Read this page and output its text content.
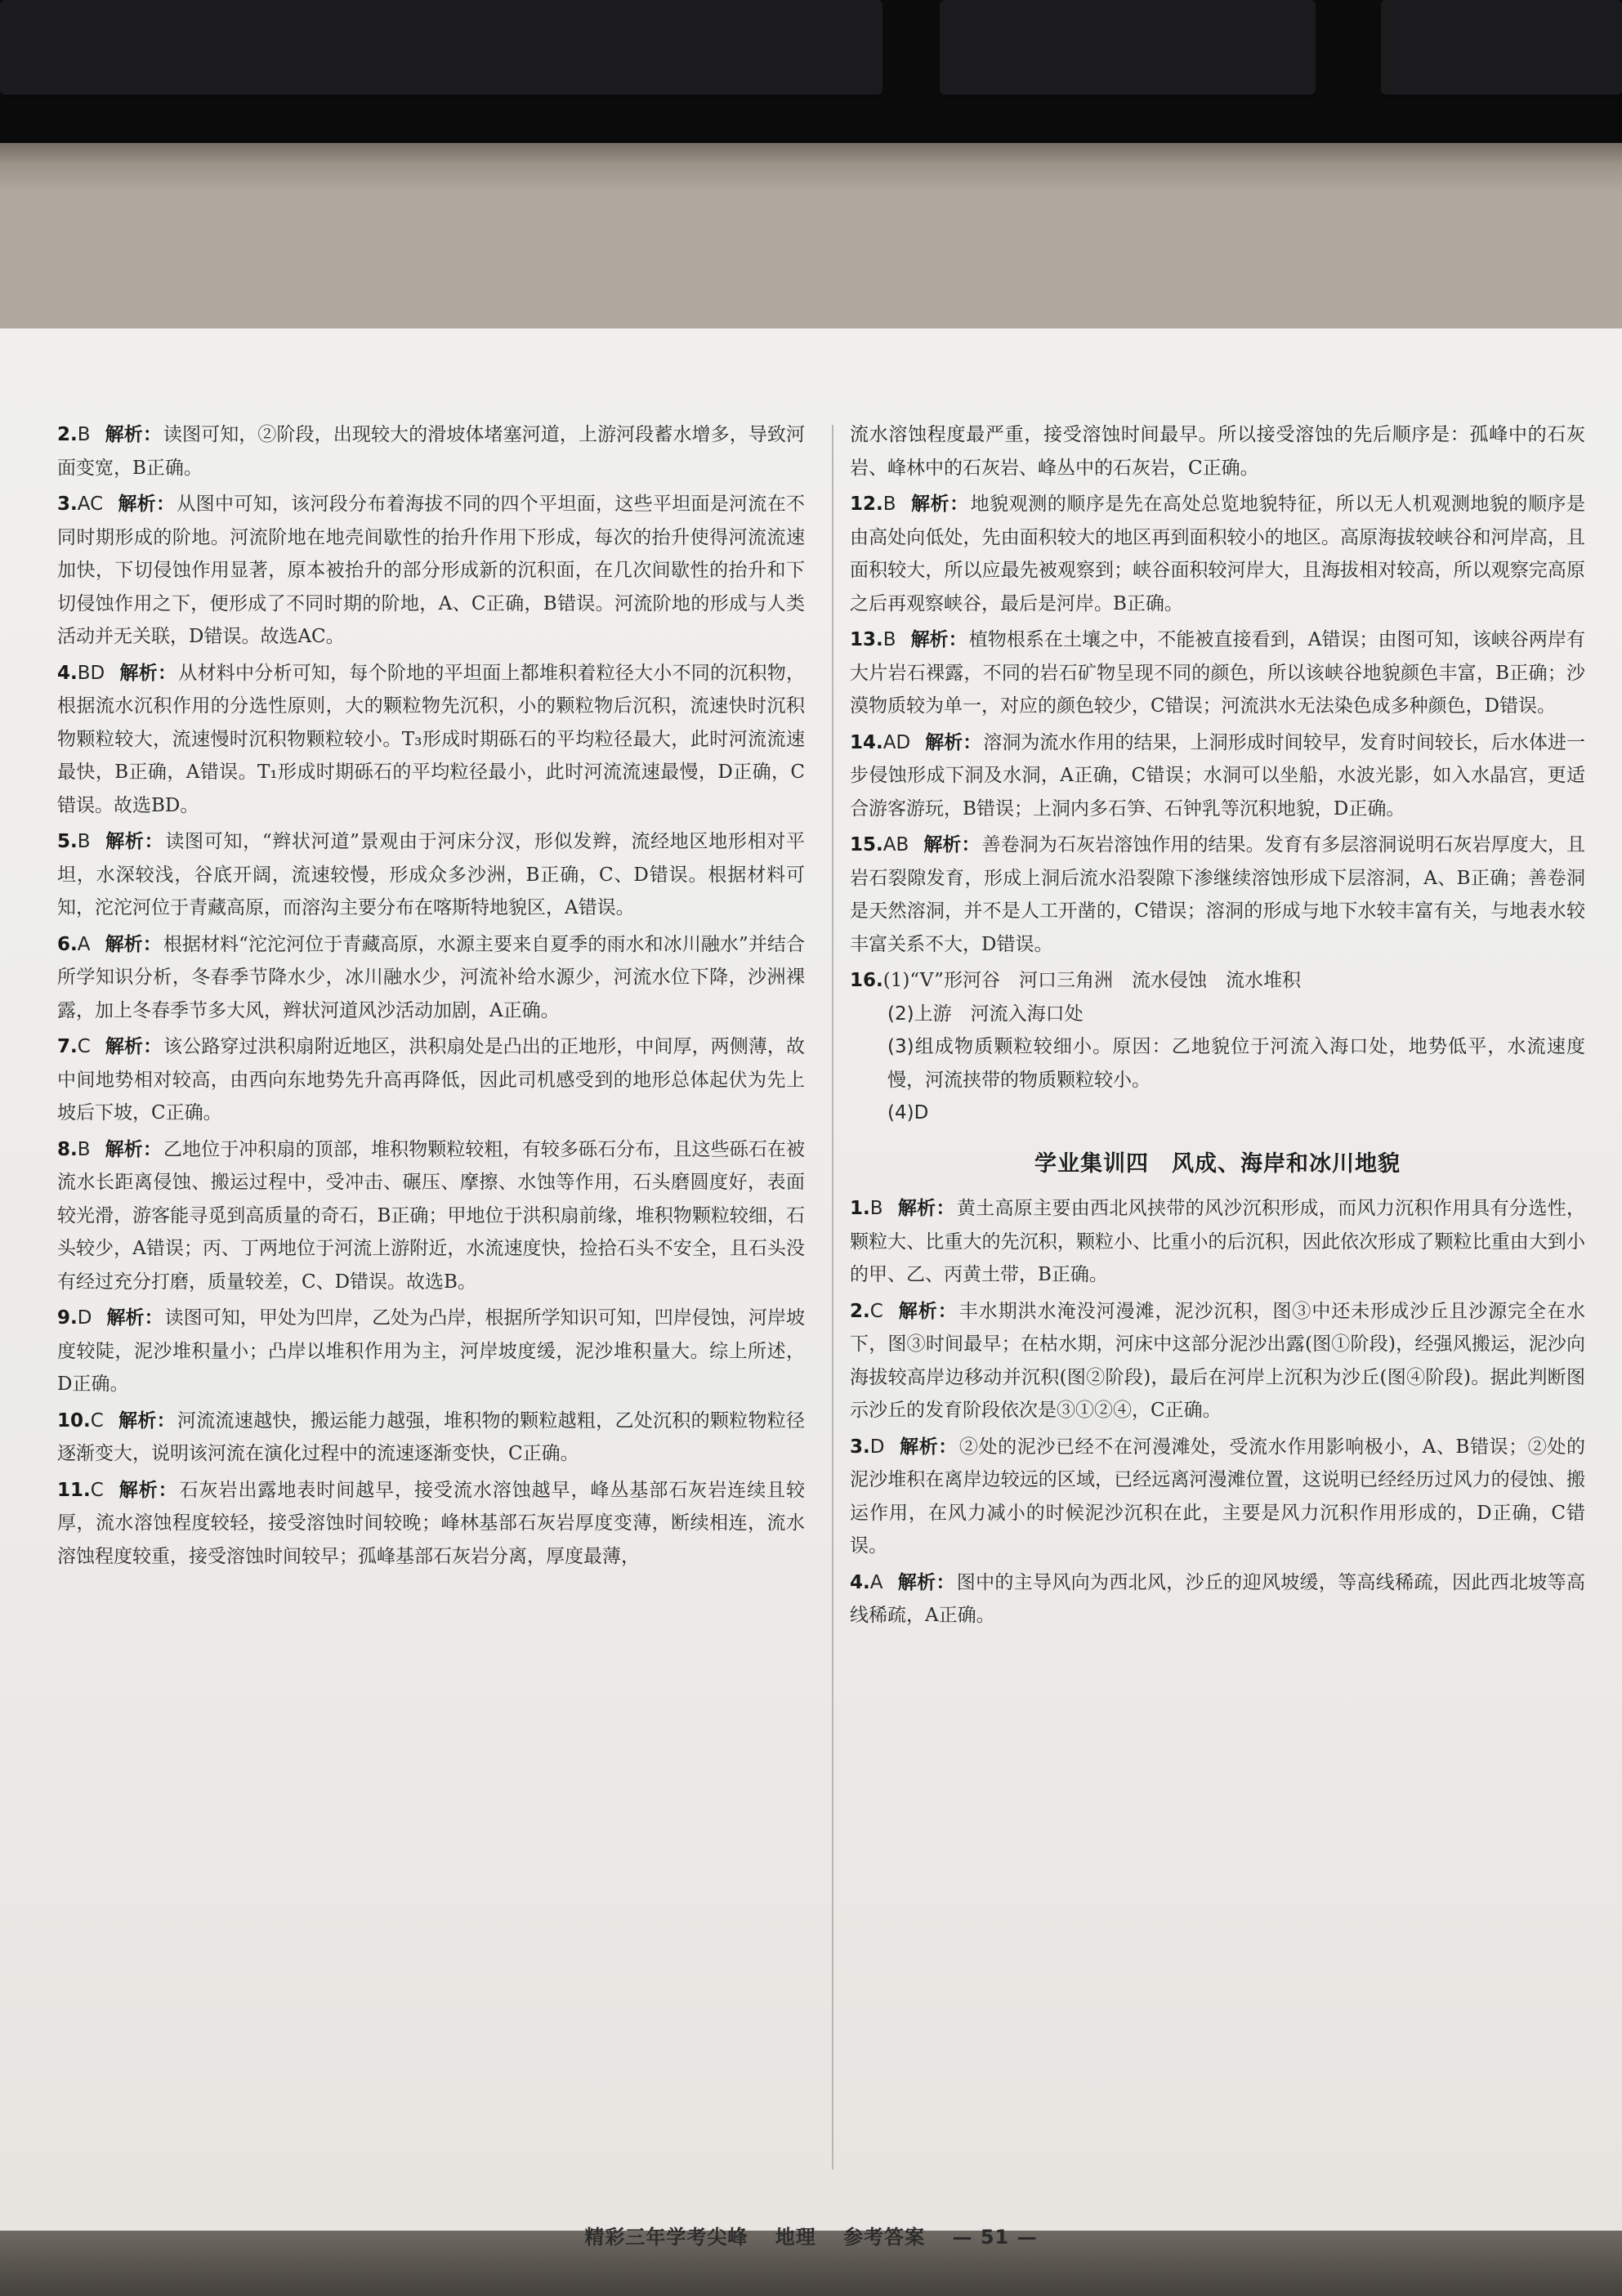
2.B 解析：读图可知，②阶段，出现较大的滑坡体堵塞河道，上游河段蓄水增多，导致河面变宽，B正确。
3.AC 解析：从图中可知，该河段分布着海拔不同的四个平坦面，这些平坦面是河流在不同时期形成的阶地。河流阶地在地壳间歇性的抬升作用下形成，每次的抬升使得河流流速加快，下切侵蚀作用显著，原本被抬升的部分形成新的沉积面，在几次间歇性的抬升和下切侵蚀作用之下，便形成了不同时期的阶地，A、C正确，B错误。河流阶地的形成与人类活动并无关联，D错误。故选AC。
4.BD 解析：从材料中分析可知，每个阶地的平坦面上都堆积着粒径大小不同的沉积物，根据流水沉积作用的分选性原则，大的颗粒物先沉积，小的颗粒物后沉积，流速快时沉积物颗粒较大，流速慢时沉积物颗粒较小。T₃形成时期砾石的平均粒径最大，此时河流流速最快，B正确，A错误。T₁形成时期砾石的平均粒径最小，此时河流流速最慢，D正确，C错误。故选BD。
5.B 解析：读图可知，“辫状河道”景观由于河床分汊，形似发辫，流经地区地形相对平坦，水深较浅，谷底开阔，流速较慢，形成众多沙洲，B正确，C、D错误。根据材料可知，沱沱河位于青藏高原，而溶沟主要分布在喀斯特地貌区，A错误。
6.A 解析：根据材料“沱沱河位于青藏高原，水源主要来自夏季的雨水和冰川融水”并结合所学知识分析，冬春季节降水少，冰川融水少，河流补给水源少，河流水位下降，沙洲裸露，加上冬春季节多大风，辫状河道风沙活动加剧，A正确。
7.C 解析：该公路穿过洪积扇附近地区，洪积扇处是凸出的正地形，中间厚，两侧薄，故中间地势相对较高，由西向东地势先升高再降低，因此司机感受到的地形总体起伏为先上坡后下坡，C正确。
8.B 解析：乙地位于冲积扇的顶部，堆积物颗粒较粗，有较多砾石分布，且这些砾石在被流水长距离侵蚀、搬运过程中，受冲击、碾压、摩擦、水蚀等作用，石头磨圆度好，表面较光滑，游客能寻觅到高质量的奇石，B正确；甲地位于洪积扇前缘，堆积物颗粒较细，石头较少，A错误；丙、丁两地位于河流上游附近，水流速度快，捡拾石头不安全，且石头没有经过充分打磨，质量较差，C、D错误。故选B。
9.D 解析：读图可知，甲处为凹岸，乙处为凸岸，根据所学知识可知，凹岸侵蚀，河岸坡度较陡，泥沙堆积量小；凸岸以堆积作用为主，河岸坡度缓，泥沙堆积量大。综上所述，D正确。
10.C 解析：河流流速越快，搬运能力越强，堆积物的颗粒越粗，乙处沉积的颗粒物粒径逐渐变大，说明该河流在演化过程中的流速逐渐变快，C正确。
11.C 解析：石灰岩出露地表时间越早，接受流水溶蚀越早，峰丛基部石灰岩连续且较厚，流水溶蚀程度较轻，接受溶蚀时间较晚；峰林基部石灰岩厚度变薄，断续相连，流水溶蚀程度较重，接受溶蚀时间较早；孤峰基部石灰岩分离，厚度最薄，
流水溶蚀程度最严重，接受溶蚀时间最早。所以接受溶蚀的先后顺序是：孤峰中的石灰岩、峰林中的石灰岩、峰丛中的石灰岩，C正确。
12.B 解析：地貌观测的顺序是先在高处总览地貌特征，所以无人机观测地貌的顺序是由高处向低处，先由面积较大的地区再到面积较小的地区。高原海拔较峡谷和河岸高，且面积较大，所以应最先被观察到；峡谷面积较河岸大，且海拔相对较高，所以观察完高原之后再观察峡谷，最后是河岸。B正确。
13.B 解析：植物根系在土壤之中，不能被直接看到，A错误；由图可知，该峡谷两岸有大片岩石裸露，不同的岩石矿物呈现不同的颜色，所以该峡谷地貌颜色丰富，B正确；沙漠物质较为单一，对应的颜色较少，C错误；河流洪水无法染色成多种颜色，D错误。
14.AD 解析：溶洞为流水作用的结果，上洞形成时间较早，发育时间较长，后水体进一步侵蚀形成下洞及水洞，A正确，C错误；水洞可以坐船，水波光影，如入水晶宫，更适合游客游玩，B错误；上洞内多石笋、石钟乳等沉积地貌，D正确。
15.AB 解析：善卷洞为石灰岩溶蚀作用的结果。发育有多层溶洞说明石灰岩厚度大，且岩石裂隙发育，形成上洞后流水沿裂隙下渗继续溶蚀形成下层溶洞，A、B正确；善卷洞是天然溶洞，并不是人工开凿的，C错误；溶洞的形成与地下水较丰富有关，与地表水较丰富关系不大，D错误。
16.(1)“V”形河谷　河口三角洲　流水侵蚀　流水堆积
(2)上游　河流入海口处
(3)组成物质颗粒较细小。原因：乙地貌位于河流入海口处，地势低平，水流速度慢，河流挟带的物质颗粒较小。
(4)D
学业集训四　风成、海岸和冰川地貌
1.B 解析：黄土高原主要由西北风挟带的风沙沉积形成，而风力沉积作用具有分选性，颗粒大、比重大的先沉积，颗粒小、比重小的后沉积，因此依次形成了颗粒比重由大到小的甲、乙、丙黄土带，B正确。
2.C 解析：丰水期洪水淹没河漫滩，泥沙沉积，图③中还未形成沙丘且沙源完全在水下，图③时间最早；在枯水期，河床中这部分泥沙出露(图①阶段)，经强风搬运，泥沙向海拔较高岸边移动并沉积(图②阶段)，最后在河岸上沉积为沙丘(图④阶段)。据此判断图示沙丘的发育阶段依次是③①②④，C正确。
3.D 解析：②处的泥沙已经不在河漫滩处，受流水作用影响极小，A、B错误；②处的泥沙堆积在离岸边较远的区域，已经远离河漫滩位置，这说明已经经历过风力的侵蚀、搬运作用，在风力减小的时候泥沙沉积在此，主要是风力沉积作用形成的，D正确，C错误。
4.A 解析：图中的主导风向为西北风，沙丘的迎风坡缓，等高线稀疏，因此西北坡等高线稀疏，A正确。
精彩三年学考尖峰 地理 参考答案 — 51 —
